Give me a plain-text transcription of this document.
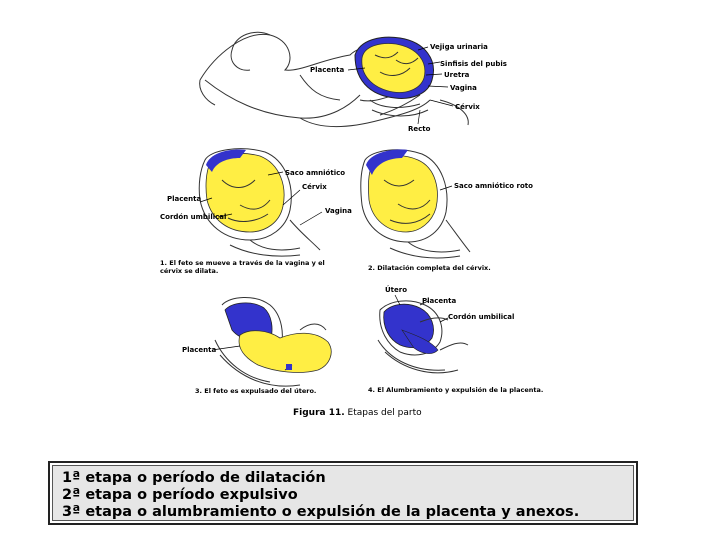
Vejiga urinaria
Placenta
Sinfisis del pubis
Uretra
Vagina
Cérvix
Recto
Saco amniótico
Cérvix
Placenta
Vagina
Cordón umbilical
1. El feto se mueve a través de la vagina y el
cérvix se dilata.
Saco amniótico roto
2. Dilatación completa del cérvix.
Placenta
3. El feto es expulsado del útero.
Útero
Placenta
Cordón umbilical
4. El Alumbramiento y expulsión de la placenta.
Figura 11. Etapas del parto
1ª etapa o período de dilatación
2ª etapa o período expulsivo
3ª etapa o alumbramiento o expulsión de la placenta y anexos.
